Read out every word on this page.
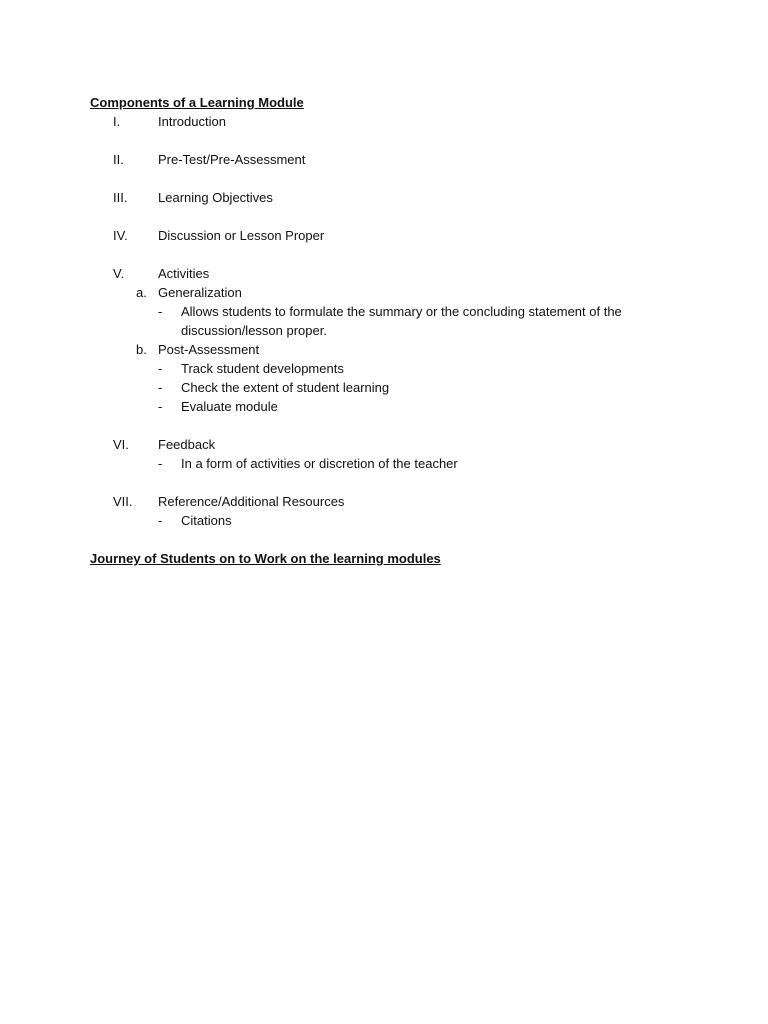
Components of a Learning Module
I.	Introduction
II.	Pre-Test/Pre-Assessment
III. Learning Objectives
IV. Discussion or Lesson Proper
V.	Activities
a. Generalization
- Allows students to formulate the summary or the concluding statement of the
discussion/lesson proper.
b. Post-Assessment
- Track student developments
- Check the extent of student learning
- Evaluate module
VI. Feedback
- In a form of activities or discretion of the teacher
VII. Reference/Additional Resources
- Citations
Journey of Students on to Work on the learning modules
